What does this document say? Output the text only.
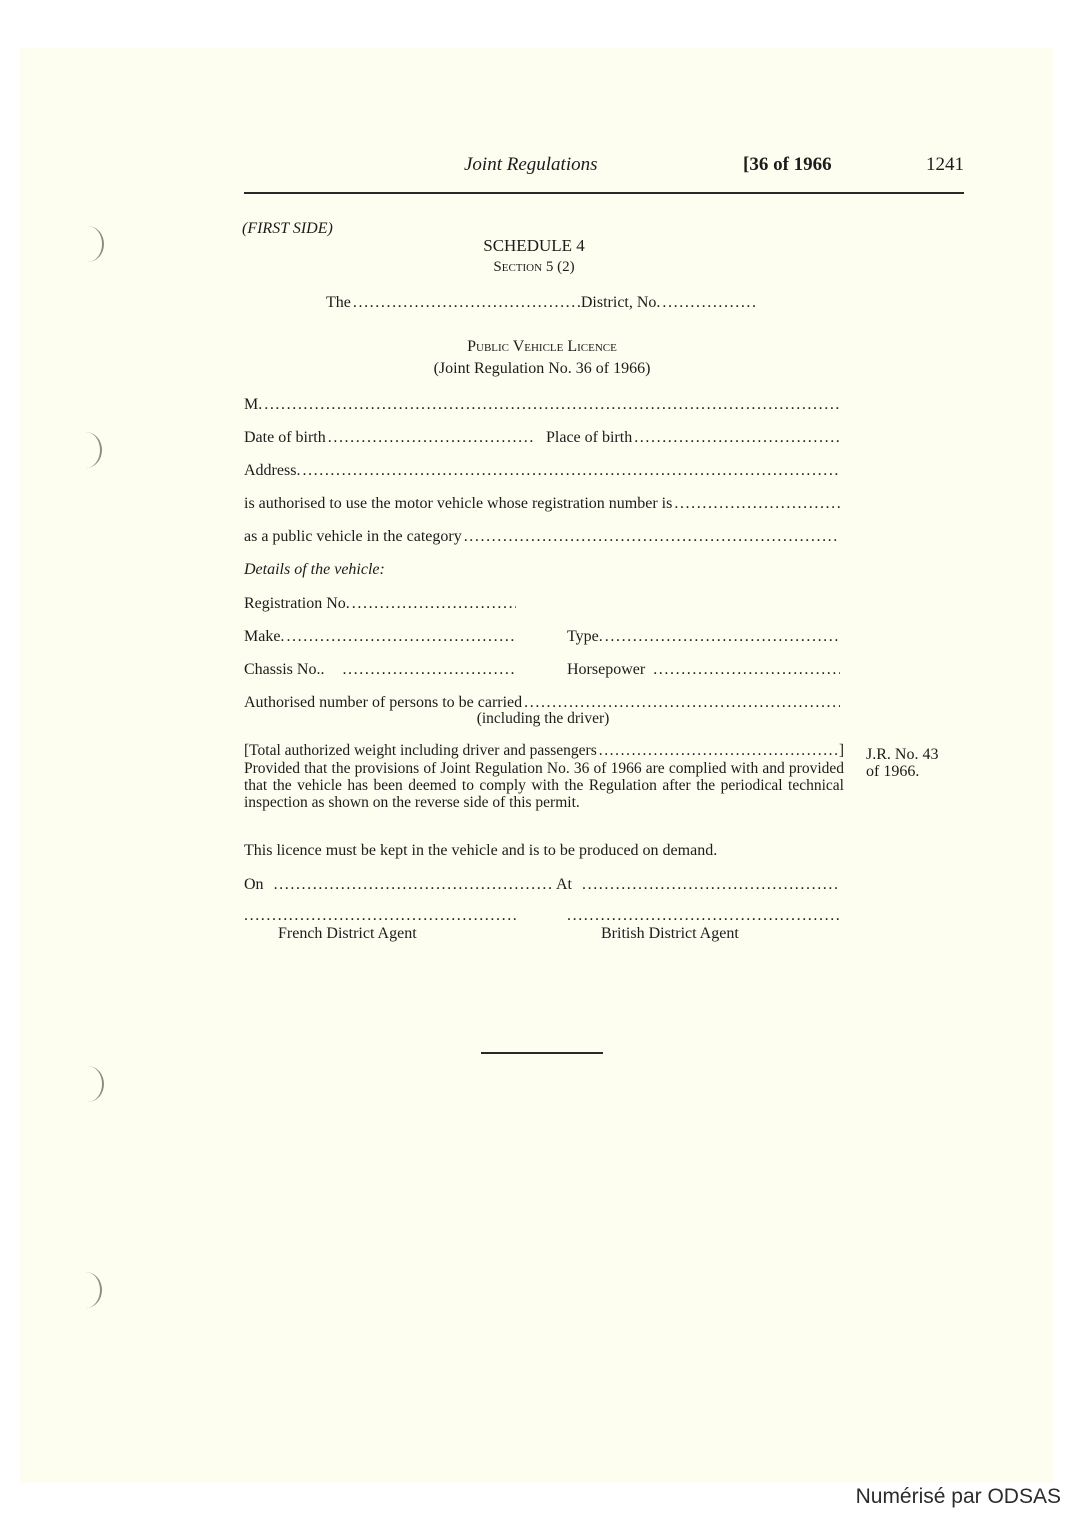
Joint Regulations	[36 of 1966	1241
(FIRST SIDE)
SCHEDULE 4
Section 5 (2)
The .....	District, No.
.....
Public Vehicle Licence
(Joint Regulation No. 36 of 1966)
M.
.....
Date of birth .....	Place of birth
.....
Address.
.....
is authorised to use the motor vehicle whose registration number is
.....
as a public vehicle in the category
.....
Details of the vehicle:
Registration No.
.....
Make. .....	Type.
.....
Chassis No.. .....	Horsepower
.....
Authorised number of persons to be carried
.....
(including the driver)
[Total authorized weight including driver and passengers .....	]
Provided that the provisions of Joint Regulation No. 36 of 1966 are complied with and provided that the vehicle has been deemed to comply with the Regulation after the periodical technical inspection as shown on the reverse side of this permit.
J.R. No. 43
of 1966.
This licence must be kept in the vehicle and is to be produced on demand.
On .....	At
.....
.....
.....
French District Agent	British District Agent
Numérisé par ODSAS
